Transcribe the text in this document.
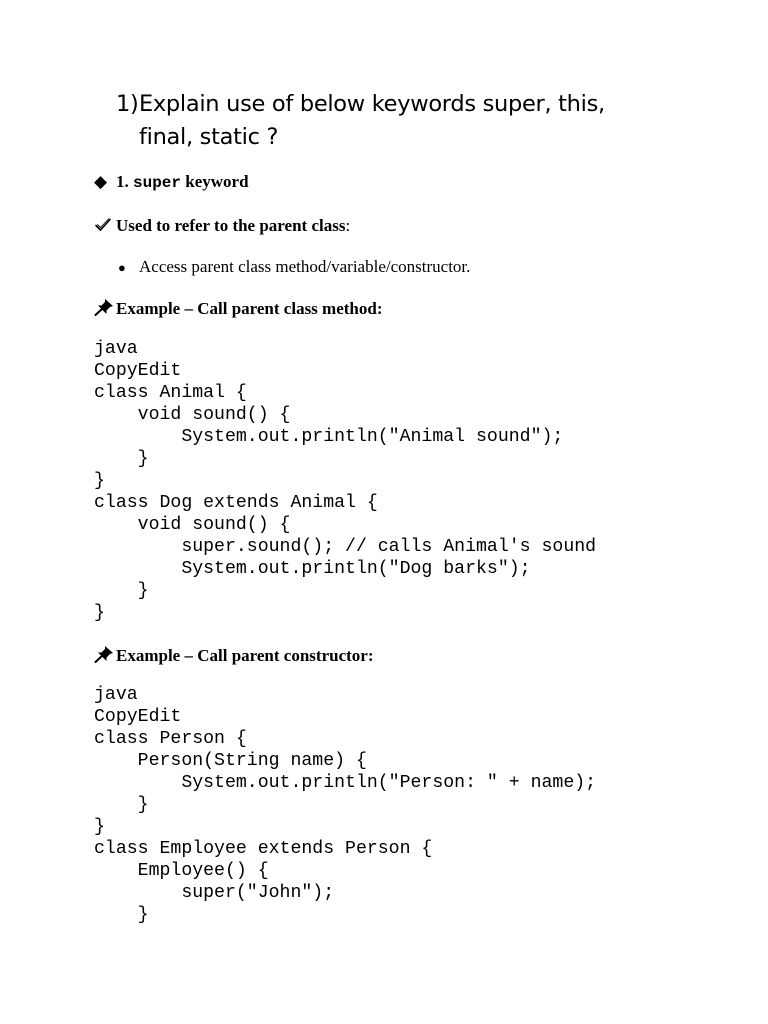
1)Explain use of below keywords super, this,
final, static ?
◆ 1. super keyword
Used to refer to the parent class:
● Access parent class method/variable/constructor.
Example – Call parent class method:
java
CopyEdit
class Animal {
void sound() {
System.out.println("Animal sound");
}
}
class Dog extends Animal {
void sound() {
super.sound(); // calls Animal's sound
System.out.println("Dog barks");
}
}
Example – Call parent constructor:
java
CopyEdit
class Person {
Person(String name) {
System.out.println("Person: " + name);
}
}
class Employee extends Person {
Employee() {
super("John");
}
